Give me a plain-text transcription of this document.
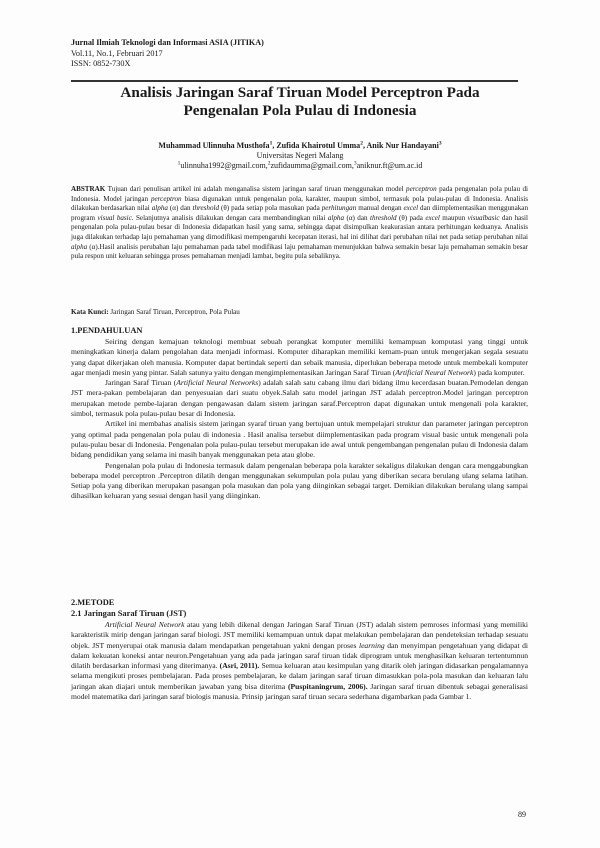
Jurnal Ilmiah Teknologi dan Informasi ASIA (JITIKA)
Vol.11, No.1, Februari 2017
ISSN: 0852-730X
Analisis Jaringan Saraf Tiruan Model Perceptron Pada
Pengenalan Pola Pulau di Indonesia
Muhammad Ulinnuha Musthofa$^1$, Zufida Khairotul Umma$^2$, Anik Nur Handayani$^3$
Universitas Negeri Malang
$^1$ulinnuha1992@gmail.com,$^2$zufidaumma@gmail.com,$^3$aniknur.ft@um.ac.id

ABSTRAK Tujuan dari penulisan artikel ini adalah menganalisa sistem jaringan saraf tiruan menggunakan model perceptron pada pengenalan pola pulau di Indonesia. Model jaringan perceptron biasa digunakan untuk pengenalan pola, karakter, maupun simbol, termasuk pola pulau-pulau di Indonesia. Analisis dilakukan berdasarkan nilai alpha (α) dan threshold (θ) pada setiap pola masukan pada perhitungan manual dengan excel dan diimplementasikan menggunakan program visual basic. Selanjutnya analisis dilakukan dengan cara membandingkan nilai alpha (α) dan threshold (θ) pada excel maupun visualbasic dan hasil pengenalan pola pulau-pulau besar di Indonesia didapatkan hasil yang sama, sehingga dapat disimpulkan keakurasian antara perhitungan keduanya. Analisis juga dilakukan terhadap laju pemahaman yang dimodifikasi mempengaruhi kecepatan iterasi, hal ini dilihat dari perubahan nilai net pada setiap perubahan nilai alpha (α).Hasil analisis perubahan laju pemahaman pada tabel modifikasi laju pemahaman menunjukkan bahwa semakin besar laju pemahaman semakin besar pula respon unit keluaran sehingga proses pemahaman menjadi lambat, begitu pula sebaliknya.

Kata Kunci: Jaringan Saraf Tiruan, Perceptron, Pola Pulau

1.PENDAHULUAN

Seiring dengan kemajuan teknologi membuat sebuah perangkat komputer memiliki kemampuan komputasi yang tinggi untuk meningkatkan kinerja dalam pengolahan data menjadi informasi. Komputer diharapkan memiliki kemam-puan untuk mengerjakan segala sesuatu yang dapat dikerjakan oleh manusia. Komputer dapat bertindak seperti dan sebaik manusia, diperlukan beberapa metode untuk membekali komputer agar menjadi mesin yang pintar. Salah satunya yaitu dengan mengimplementasikan Jaringan Saraf Tiruan (Artificial Neural Network) pada komputer.

Jaringan Saraf Tiruan (Artificial Neural Networks) adalah salah satu cabang ilmu dari bidang ilmu kecerdasan buatan.Pemodelan dengan JST mera-pakan pembelajaran dan penyesuaian dari suatu obyek.Salah satu model jaringan JST adalah perceptron.Model jaringan perceptron merupakan metode pembe-lajaran dengan pengawasan dalam sistem jaringan saraf.Perceptron dapat digunakan untuk mengenali pola karakter, simbol, termasuk pola pulau-pulau besar di Indonesia.

Artikel ini membahas analisis sistem jaringan syaraf tiruan yang bertujuan untuk mempelajari struktur dan parameter jaringan perceptron yang optimal pada pengenalan pola pulau di indonesia . Hasil analisa tersebut diimplementasikan pada program visual basic untuk mengenali pola pulau-pulau besar di Indonesia. Pengenalan pola pulau-pulau tersebut merupakan ide awal untuk pengembangan pengenalan pulau di Indonesia dalam bidang pendidikan yang selama ini masih banyak menggunakan peta atau globe.

Pengenalan pola pulau di Indonesia termasuk dalam pengenalan beberapa pola karakter sekaligus dilakukan dengan cara menggabungkan beberapa model perceptron .Perceptron dilatih dengan menggunakan sekumpulan pola pulau yang diberikan secara berulang ulang selama latihan. Setiap pola yang diberikan merupakan pasangan pola masukan dan pola yang diinginkan sebagai target. Demikian dilakukan berulang ulang sampai dihasilkan keluaran yang sesuai dengan hasil yang diinginkan.

2.METODE
2.1 Jaringan Saraf Tiruan (JST)

Artificial Neural Network atau yang lebih dikenal dengan Jaringan Saraf Tiruan (JST) adalah sistem pemroses informasi yang memiliki karakteristik mirip dengan jaringan saraf biologi. JST memiliki kemampuan untuk dapat melakukan pembelajaran dan pendeteksian terhadap sesuatu objek. JST menyerupai otak manusia dalam mendapatkan pengetahuan yakni dengan proses learning dan menyimpan pengetahuan yang didapat di dalam kekuatan koneksi antar neuron.Pengetahuan yang ada pada jaringan saraf tiruan tidak diprogram untuk menghasilkan keluaran tertentumnun dilatih berdasarkan informasi yang diterimanya. (Asri, 2011). Semua keluaran atau kesimpulan yang ditarik oleh jaringan didasarkan pengalamannya selama mengikuti proses pembelajaran. Pada proses pembelajaran, ke dalam jaringan saraf tiruan dimasukkan pola-pola masukan dan keluaran lalu jaringan akan diajari untuk memberikan jawaban yang bisa diterima (Puspitaningrum, 2006). Jaringan saraf tiruan dibentuk sebagai generalisasi model matematika dari jaringan saraf biologis manusia. Prinsip jaringan saraf tiruan secara sederhana digambarkan pada Gambar 1.

89
